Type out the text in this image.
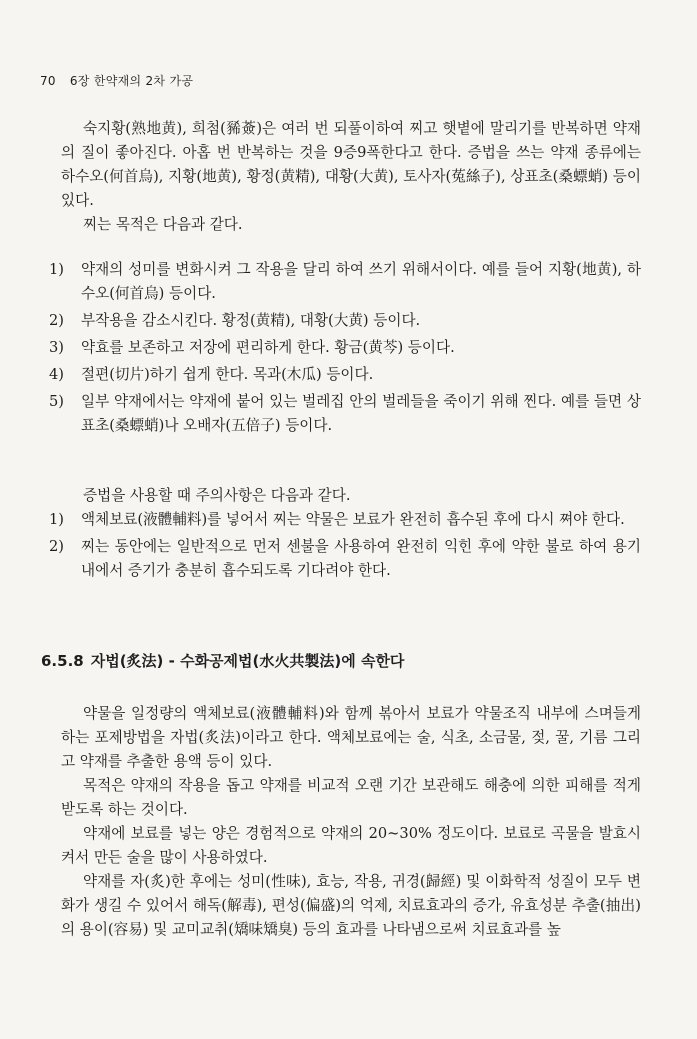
70 6장 한약재의 2차 가공

숙지황(熟地黄), 희첨(豨薟)은 여러 번 되풀이하여 찌고 햇볕에 말리기를 반복하면 약재의 질이 좋아진다. 아홉 번 반복하는 것을 9증9폭한다고 한다. 증법을 쓰는 약재 종류에는 하수오(何首烏), 지황(地黄), 황정(黄精), 대황(大黄), 토사자(菟絲子), 상표초(桑螵蛸) 등이 있다.

찌는 목적은 다음과 같다.

1) 약재의 성미를 변화시켜 그 작용을 달리 하여 쓰기 위해서이다. 예를 들어 지황(地黄), 하수오(何首烏) 등이다.
2) 부작용을 감소시킨다. 황정(黄精), 대황(大黄) 등이다.
3) 약효를 보존하고 저장에 편리하게 한다. 황금(黄芩) 등이다.
4) 절편(切片)하기 쉽게 한다. 목과(木瓜) 등이다.
5) 일부 약재에서는 약재에 붙어 있는 벌레집 안의 벌레들을 죽이기 위해 찐다. 예를 들면 상표초(桑螵蛸)나 오배자(五倍子) 등이다.

증법을 사용할 때 주의사항은 다음과 같다.

1) 액체보료(液體輔料)를 넣어서 찌는 약물은 보료가 완전히 흡수된 후에 다시 쪄야 한다.
2) 찌는 동안에는 일반적으로 먼저 센불을 사용하여 완전히 익힌 후에 약한 불로 하여 용기 내에서 증기가 충분히 흡수되도록 기다려야 한다.
6.5.8 자법(炙法) - 수화공제법(水火共製法)에 속한다

약물을 일정량의 액체보료(液體輔料)와 함께 볶아서 보료가 약물조직 내부에 스며들게 하는 포제방법을 자법(炙法)이라고 한다. 액체보료에는 술, 식초, 소금물, 젖, 꿀, 기름 그리고 약재를 추출한 용액 등이 있다.

목적은 약재의 작용을 돕고 약재를 비교적 오랜 기간 보관해도 해충에 의한 피해를 적게 받도록 하는 것이다.

약재에 보료를 넣는 양은 경험적으로 약재의 20~30% 정도이다. 보료로 곡물을 발효시켜서 만든 술을 많이 사용하였다.

약재를 자(炙)한 후에는 성미(性味), 효능, 작용, 귀경(歸經) 및 이화학적 성질이 모두 변화가 생길 수 있어서 해독(解毒), 편성(偏盛)의 억제, 치료효과의 증가, 유효성분 추출(抽出)의 용이(容易) 및 교미교취(矯味矯臭) 등의 효과를 나타냄으로써 치료효과를 높
